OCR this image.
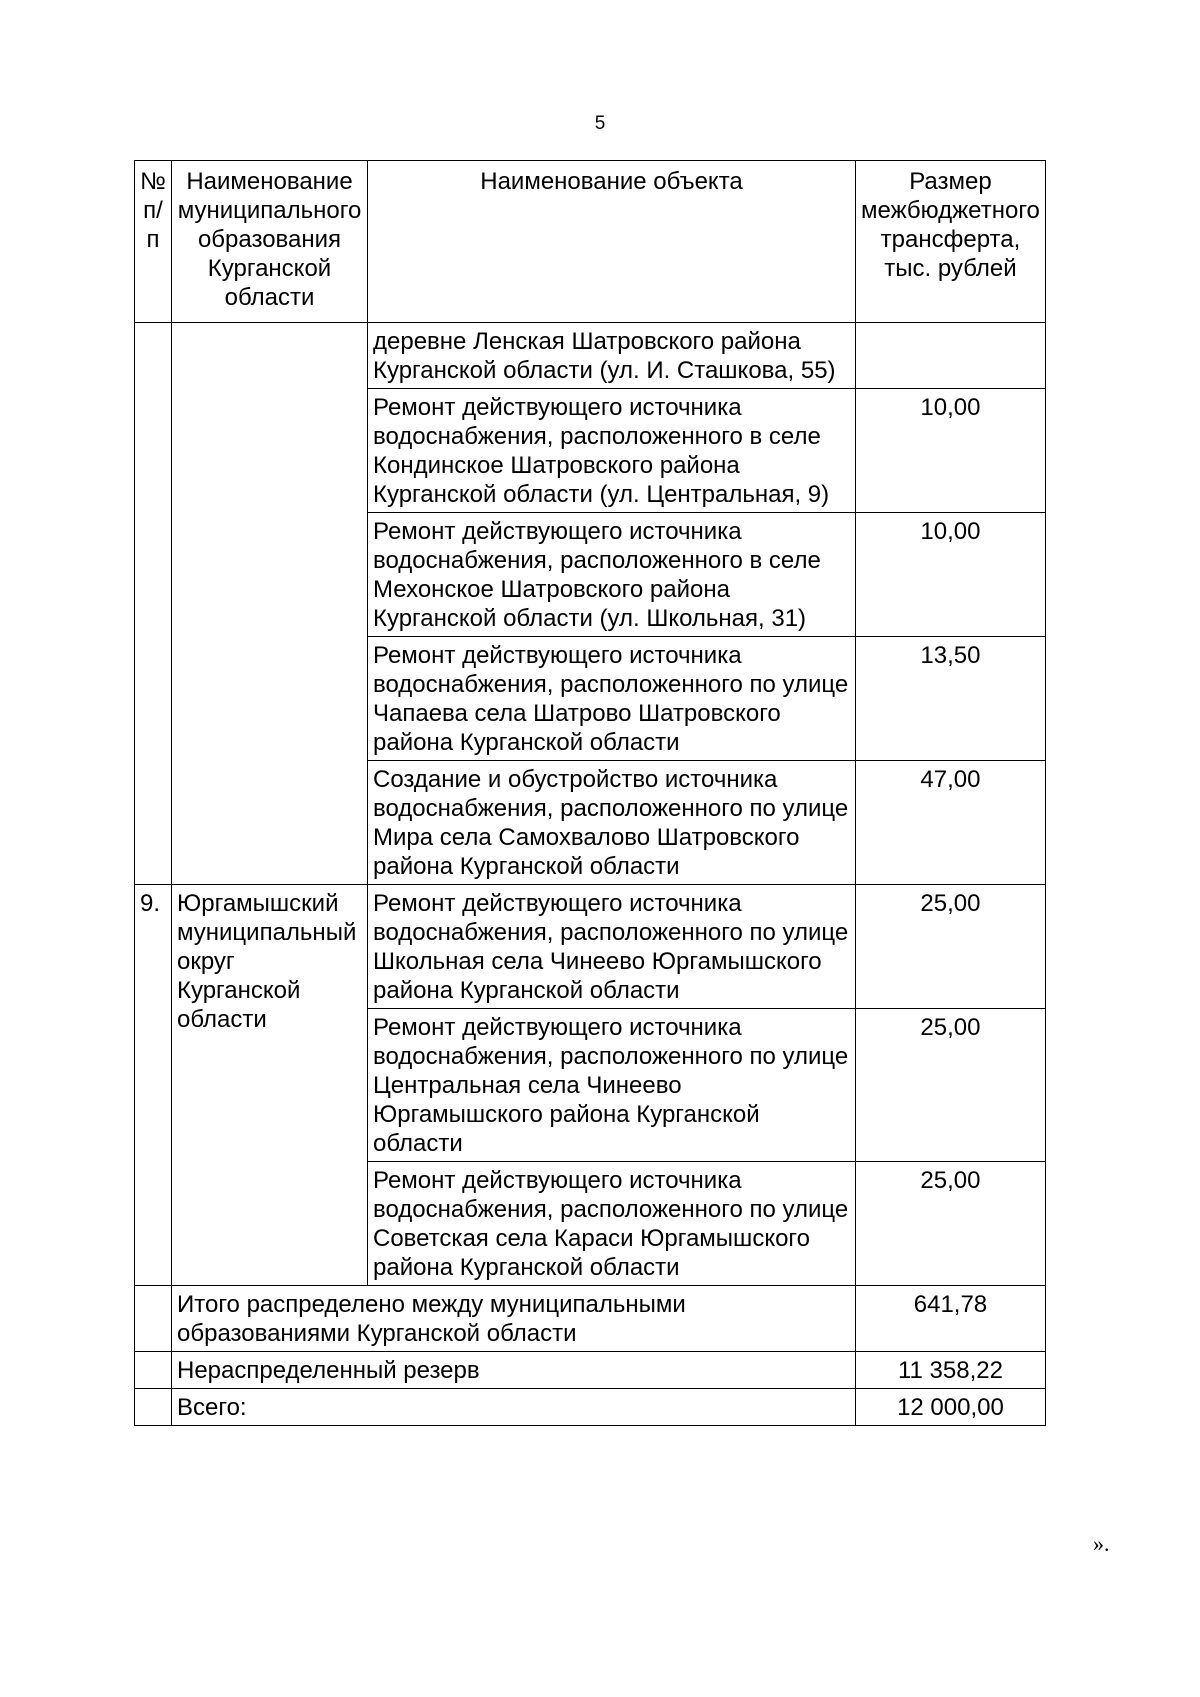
5
№ п/п	Наименование муниципального образования Курганской области	Наименование объекта	Размер межбюджетного трансферта, тыс. рублей
		деревне Ленская Шатровского района Курганской области (ул. И. Сташкова, 55)	
		Ремонт действующего источника водоснабжения, расположенного в селе Кондинское Шатровского района Курганской области (ул. Центральная, 9)	10,00
		Ремонт действующего источника водоснабжения, расположенного в селе Мехонское Шатровского района Курганской области (ул. Школьная, 31)	10,00
		Ремонт действующего источника водоснабжения, расположенного по улице Чапаева села Шатрово Шатровского района Курганской области	13,50
		Создание и обустройство источника водоснабжения, расположенного по улице Мира села Самохвалово Шатровского района Курганской области	47,00
9.	Юргамышский муниципальный округ Курганской области	Ремонт действующего источника водоснабжения, расположенного по улице Школьная села Чинеево Юргамышского района Курганской области	25,00
		Ремонт действующего источника водоснабжения, расположенного по улице Центральная села Чинеево Юргамышского района Курганской области	25,00
		Ремонт действующего источника водоснабжения, расположенного по улице Советская села Караси Юргамышского района Курганской области	25,00
	Итого распределено между муниципальными образованиями Курганской области		641,78
	Нераспределенный резерв		11 358,22
	Всего:		12 000,00
».
